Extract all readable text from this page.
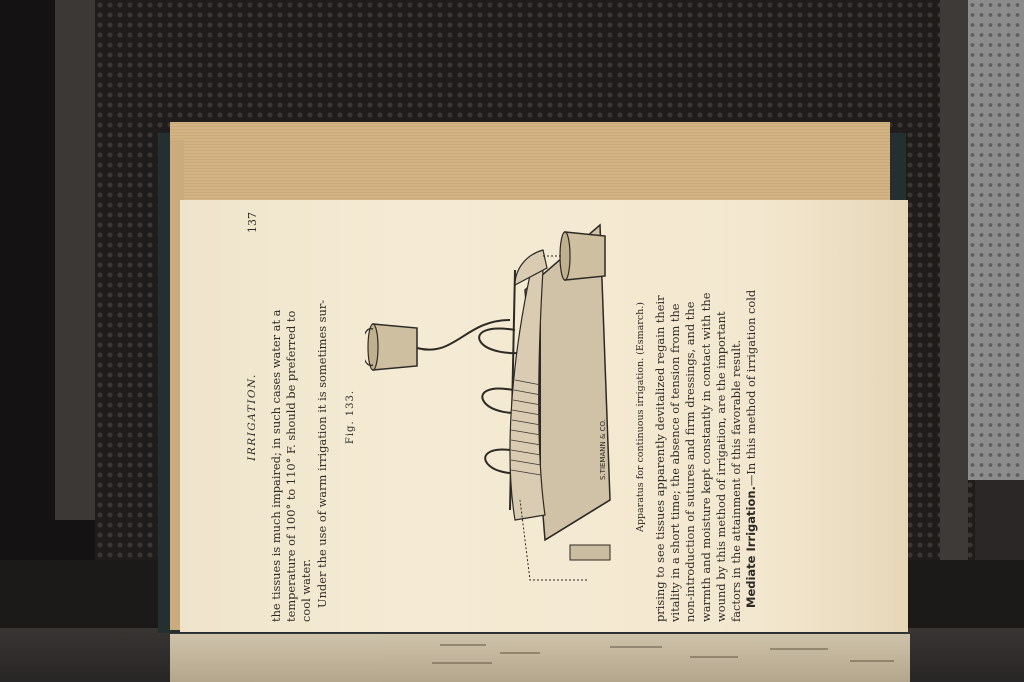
IRRIGATION.
137
the tissues is much impaired; in such cases water at a temperature of 100° to 110° F. should be preferred to cool water. Under the use of warm irrigation it is sometimes sur- Fig. 133.
S.TIEMANN & CO.	Apparatus for continuous irrigation. (Esmarch.) prising to see tissues apparently devitalized regain their vitality in a short time; the absence of tension from the non-introduction of sutures and firm dressings, and the warmth and moisture kept constantly in contact with the wound by this method of irrigation, are the important factors in the attainment of this favorable result. Mediate Irrigation.—In this method of irrigation cold
